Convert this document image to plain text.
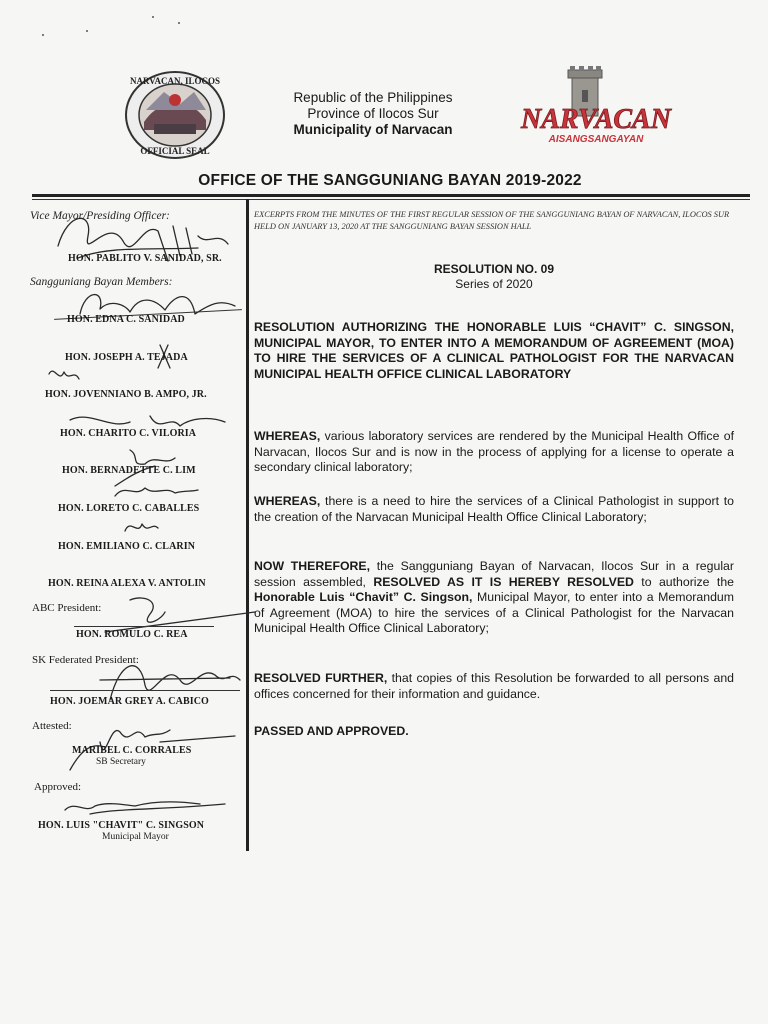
NARVACAN, ILOCOS
OFFICIAL SEAL
Republic of the Philippines
Province of Ilocos Sur
Municipality of Narvacan	NARVACAN
AISANGSANGAYAN
OFFICE OF THE SANGGUNIANG BAYAN 2019-2022
Vice Mayor/Presiding Officer:
HON. PABLITO V. SANIDAD, SR.
Sangguniang Bayan Members:
HON. EDNA C. SANIDAD
HON. JOSEPH A. TEJADA
HON. JOVENNIANO B. AMPO, JR.
HON. CHARITO C. VILORIA
HON. BERNADETTE C. LIM
HON. LORETO C. CABALLES
HON. EMILIANO C. CLARIN
HON. REINA ALEXA V. ANTOLIN
ABC President:
HON. ROMULO C. REA
SK Federated President:
HON. JOEMAR GREY A. CABICO
Attested:
MARIBEL C. CORRALES
SB Secretary
Approved:
HON. LUIS "CHAVIT" C. SINGSON
Municipal Mayor
EXCERPTS FROM THE MINUTES OF THE FIRST REGULAR SESSION OF THE SANGGUNIANG BAYAN OF NARVACAN, ILOCOS SUR HELD ON JANUARY 13, 2020 AT THE SANGGUNIANG BAYAN SESSION HALL
RESOLUTION NO. 09
Series of 2020
RESOLUTION AUTHORIZING THE HONORABLE LUIS “CHAVIT” C. SINGSON, MUNICIPAL MAYOR, TO ENTER INTO A MEMORANDUM OF AGREEMENT (MOA) TO HIRE THE SERVICES OF A CLINICAL PATHOLOGIST FOR THE NARVACAN MUNICIPAL HEALTH OFFICE CLINICAL LABORATORY
WHEREAS, various laboratory services are rendered by the Municipal Health Office of Narvacan, Ilocos Sur and is now in the process of applying for a license to operate a secondary clinical laboratory;
WHEREAS, there is a need to hire the services of a Clinical Pathologist in support to the creation of the Narvacan Municipal Health Office Clinical Laboratory;
NOW THEREFORE, the Sangguniang Bayan of Narvacan, Ilocos Sur in a regular session assembled, RESOLVED AS IT IS HEREBY RESOLVED to authorize the Honorable Luis “Chavit” C. Singson, Municipal Mayor, to enter into a Memorandum of Agreement (MOA) to hire the services of a Clinical Pathologist for the Narvacan Municipal Health Office Clinical Laboratory;
RESOLVED FURTHER, that copies of this Resolution be forwarded to all persons and offices concerned for their information and guidance.
PASSED AND APPROVED.
